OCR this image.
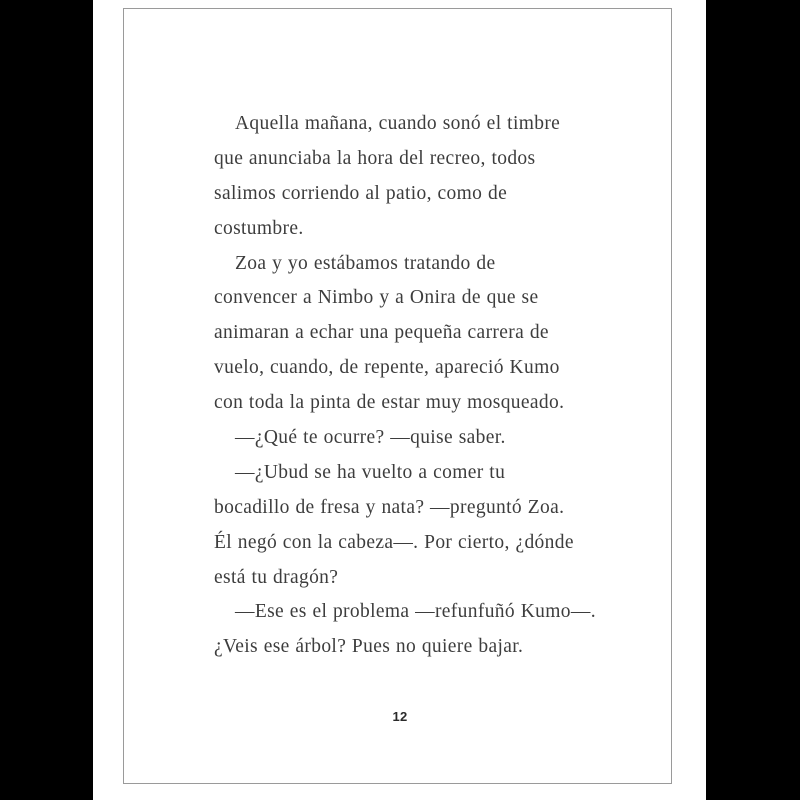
Aquella mañana, cuando sonó el timbre
que anunciaba la hora del recreo, todos
salimos corriendo al patio, como de
costumbre.
Zoa y yo estábamos tratando de
convencer a Nimbo y a Onira de que se
animaran a echar una pequeña carrera de
vuelo, cuando, de repente, apareció Kumo
con toda la pinta de estar muy mosqueado.
—¿Qué te ocurre? —quise saber.
—¿Ubud se ha vuelto a comer tu
bocadillo de fresa y nata? —preguntó Zoa.
Él negó con la cabeza—. Por cierto, ¿dónde
está tu dragón?
—Ese es el problema —refunfuñó Kumo—.
¿Veis ese árbol? Pues no quiere bajar.
12
